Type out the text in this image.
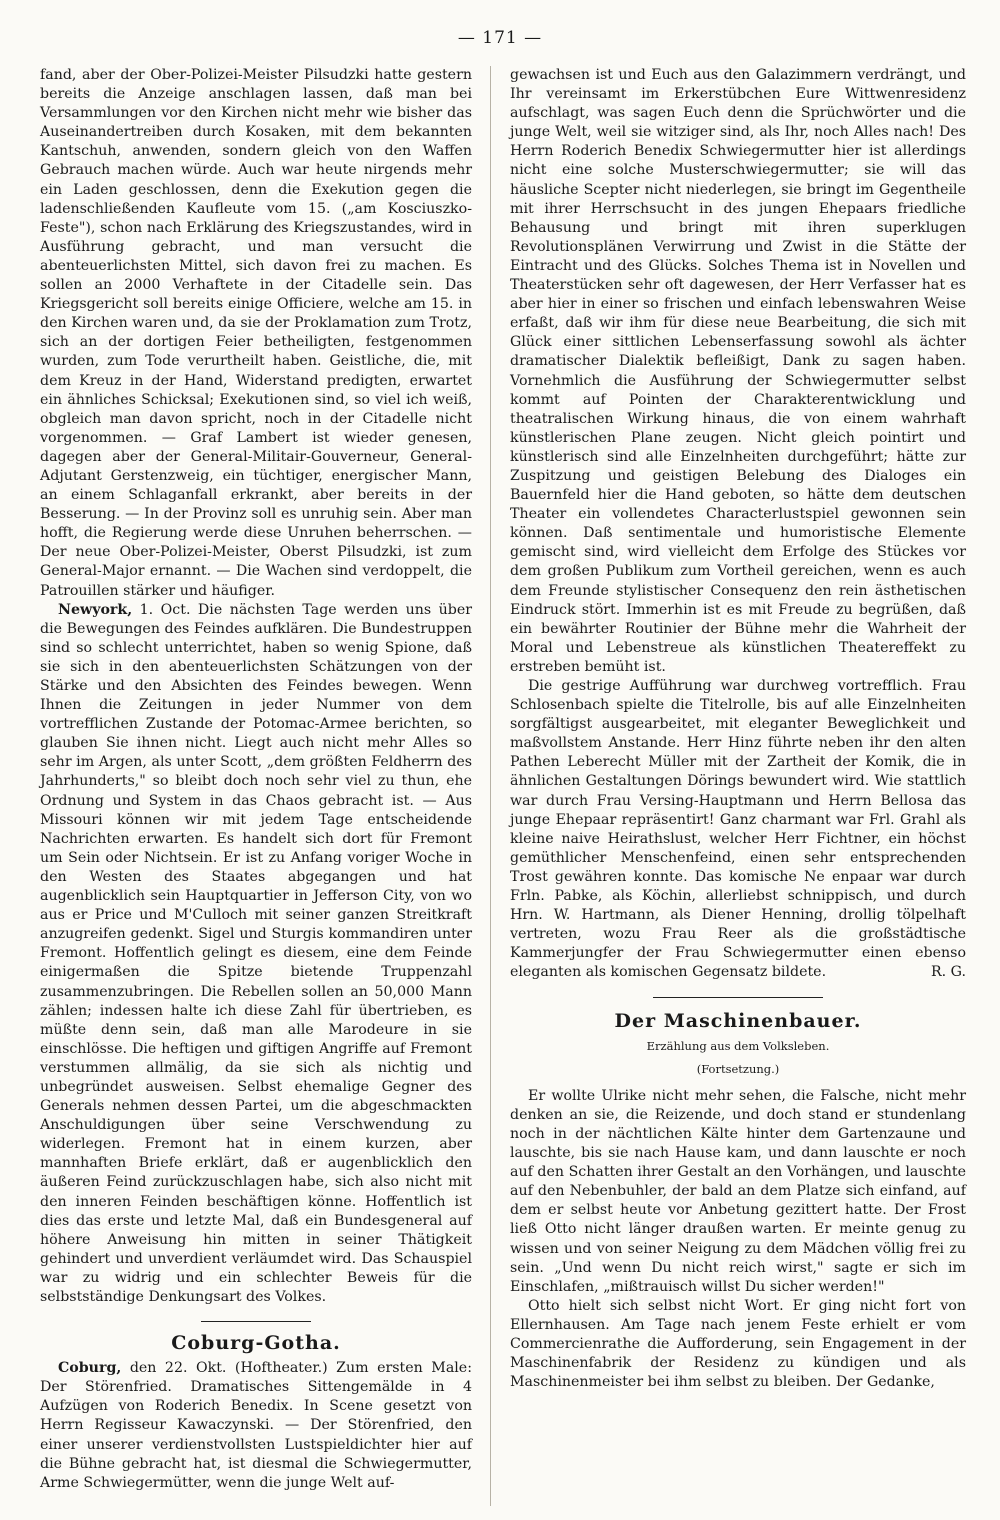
— 171 —

fand, aber der Ober-Polizei-Meister Pilsudzki hatte gestern bereits die Anzeige anschlagen lassen, daß man bei Versammlungen vor den Kirchen nicht mehr wie bisher das Auseinandertreiben durch Kosaken, mit dem bekannten Kantschuh, anwenden, sondern gleich von den Waffen Gebrauch machen würde. Auch war heute nirgends mehr ein Laden geschlossen, denn die Exekution gegen die ladenschließenden Kaufleute vom 15. („am Kosciuszko-Feste"), schon nach Erklärung des Kriegszustandes, wird in Ausführung gebracht, und man versucht die abenteuerlichsten Mittel, sich davon frei zu machen. Es sollen an 2000 Verhaftete in der Citadelle sein. Das Kriegsgericht soll bereits einige Officiere, welche am 15. in den Kirchen waren und, da sie der Proklamation zum Trotz, sich an der dortigen Feier betheiligten, festgenommen wurden, zum Tode verurtheilt haben. Geistliche, die, mit dem Kreuz in der Hand, Widerstand predigten, erwartet ein ähnliches Schicksal; Exekutionen sind, so viel ich weiß, obgleich man davon spricht, noch in der Citadelle nicht vorgenommen. — Graf Lambert ist wieder genesen, dagegen aber der General-Militair-Gouverneur, General-Adjutant Gerstenzweig, ein tüchtiger, energischer Mann, an einem Schlaganfall erkrankt, aber bereits in der Besserung. — In der Provinz soll es unruhig sein. Aber man hofft, die Regierung werde diese Unruhen beherrschen. — Der neue Ober-Polizei-Meister, Oberst Pilsudzki, ist zum General-Major ernannt. — Die Wachen sind verdoppelt, die Patrouillen stärker und häufiger.

Newyork, 1. Oct. Die nächsten Tage werden uns über die Bewegungen des Feindes aufklären. Die Bundestruppen sind so schlecht unterrichtet, haben so wenig Spione, daß sie sich in den abenteuerlichsten Schätzungen von der Stärke und den Absichten des Feindes bewegen. Wenn Ihnen die Zeitungen in jeder Nummer von dem vortrefflichen Zustande der Potomac-Armee berichten, so glauben Sie ihnen nicht. Liegt auch nicht mehr Alles so sehr im Argen, als unter Scott, „dem größten Feldherrn des Jahrhunderts," so bleibt doch noch sehr viel zu thun, ehe Ordnung und System in das Chaos gebracht ist. — Aus Missouri können wir mit jedem Tage entscheidende Nachrichten erwarten. Es handelt sich dort für Fremont um Sein oder Nichtsein. Er ist zu Anfang voriger Woche in den Westen des Staates abgegangen und hat augenblicklich sein Hauptquartier in Jefferson City, von wo aus er Price und M'Culloch mit seiner ganzen Streitkraft anzugreifen gedenkt. Sigel und Sturgis kommandiren unter Fremont. Hoffentlich gelingt es diesem, eine dem Feinde einigermaßen die Spitze bietende Truppenzahl zusammenzubringen. Die Rebellen sollen an 50,000 Mann zählen; indessen halte ich diese Zahl für übertrieben, es müßte denn sein, daß man alle Marodeure in sie einschlösse. Die heftigen und giftigen Angriffe auf Fremont verstummen allmälig, da sie sich als nichtig und unbegründet ausweisen. Selbst ehemalige Gegner des Generals nehmen dessen Partei, um die abgeschmackten Anschuldigungen über seine Verschwendung zu widerlegen. Fremont hat in einem kurzen, aber mannhaften Briefe erklärt, daß er augenblicklich den äußeren Feind zurückzuschlagen habe, sich also nicht mit den inneren Feinden beschäftigen könne. Hoffentlich ist dies das erste und letzte Mal, daß ein Bundesgeneral auf höhere Anweisung hin mitten in seiner Thätigkeit gehindert und unverdient verläumdet wird. Das Schauspiel war zu widrig und ein schlechter Beweis für die selbstständige Denkungsart des Volkes.

Coburg-Gotha.

Coburg, den 22. Okt. (Hoftheater.) Zum ersten Male: Der Störenfried. Dramatisches Sittengemälde in 4 Aufzügen von Roderich Benedix. In Scene gesetzt von Herrn Regisseur Kawaczynski. — Der Störenfried, den einer unserer verdienstvollsten Lustspieldichter hier auf die Bühne gebracht hat, ist diesmal die Schwiegermutter, Arme Schwiegermütter, wenn die junge Welt auf-

gewachsen ist und Euch aus den Galazimmern verdrängt, und Ihr vereinsamt im Erkerstübchen Eure Wittwenresidenz aufschlagt, was sagen Euch denn die Sprüchwörter und die junge Welt, weil sie witziger sind, als Ihr, noch Alles nach! Des Herrn Roderich Benedix Schwiegermutter hier ist allerdings nicht eine solche Musterschwiegermutter; sie will das häusliche Scepter nicht niederlegen, sie bringt im Gegentheile mit ihrer Herrschsucht in des jungen Ehepaars friedliche Behausung und bringt mit ihren superklugen Revolutionsplänen Verwirrung und Zwist in die Stätte der Eintracht und des Glücks. Solches Thema ist in Novellen und Theaterstücken sehr oft dagewesen, der Herr Verfasser hat es aber hier in einer so frischen und einfach lebenswahren Weise erfaßt, daß wir ihm für diese neue Bearbeitung, die sich mit Glück einer sittlichen Lebenserfassung sowohl als ächter dramatischer Dialektik befleißigt, Dank zu sagen haben. Vornehmlich die Ausführung der Schwiegermutter selbst kommt auf Pointen der Charakterentwicklung und theatralischen Wirkung hinaus, die von einem wahrhaft künstlerischen Plane zeugen. Nicht gleich pointirt und künstlerisch sind alle Einzelnheiten durchgeführt; hätte zur Zuspitzung und geistigen Belebung des Dialoges ein Bauernfeld hier die Hand geboten, so hätte dem deutschen Theater ein vollendetes Characterlustspiel gewonnen sein können. Daß sentimentale und humoristische Elemente gemischt sind, wird vielleicht dem Erfolge des Stückes vor dem großen Publikum zum Vortheil gereichen, wenn es auch dem Freunde stylistischer Consequenz den rein ästhetischen Eindruck stört. Immerhin ist es mit Freude zu begrüßen, daß ein bewährter Routinier der Bühne mehr die Wahrheit der Moral und Lebenstreue als künstlichen Theatereffekt zu erstreben bemüht ist.

Die gestrige Aufführung war durchweg vortrefflich. Frau Schlosenbach spielte die Titelrolle, bis auf alle Einzelnheiten sorgfältigst ausgearbeitet, mit eleganter Beweglichkeit und maßvollstem Anstande. Herr Hinz führte neben ihr den alten Pathen Leberecht Müller mit der Zartheit der Komik, die in ähnlichen Gestaltungen Dörings bewundert wird. Wie stattlich war durch Frau Versing-Hauptmann und Herrn Bellosa das junge Ehepaar repräsentirt! Ganz charmant war Frl. Grahl als kleine naive Heirathslust, welcher Herr Fichtner, ein höchst gemüthlicher Menschenfeind, einen sehr entsprechenden Trost gewähren konnte. Das komische Ne enpaar war durch Frln. Pabke, als Köchin, allerliebst schnippisch, und durch Hrn. W. Hartmann, als Diener Henning, drollig tölpelhaft vertreten, wozu Frau Reer als die großstädtische Kammerjungfer der Frau Schwiegermutter einen ebenso eleganten als komischen Gegensatz bildete.	R. G.

Der Maschinenbauer.
Erzählung aus dem Volksleben.
(Fortsetzung.)

Er wollte Ulrike nicht mehr sehen, die Falsche, nicht mehr denken an sie, die Reizende, und doch stand er stundenlang noch in der nächtlichen Kälte hinter dem Gartenzaune und lauschte, bis sie nach Hause kam, und dann lauschte er noch auf den Schatten ihrer Gestalt an den Vorhängen, und lauschte auf den Nebenbuhler, der bald an dem Platze sich einfand, auf dem er selbst heute vor Anbetung gezittert hatte. Der Frost ließ Otto nicht länger draußen warten. Er meinte genug zu wissen und von seiner Neigung zu dem Mädchen völlig frei zu sein. „Und wenn Du nicht reich wirst," sagte er sich im Einschlafen, „mißtrauisch willst Du sicher werden!"

Otto hielt sich selbst nicht Wort. Er ging nicht fort von Ellernhausen. Am Tage nach jenem Feste erhielt er vom Commercienrathe die Aufforderung, sein Engagement in der Maschinenfabrik der Residenz zu kündigen und als Maschinenmeister bei ihm selbst zu bleiben. Der Gedanke,
